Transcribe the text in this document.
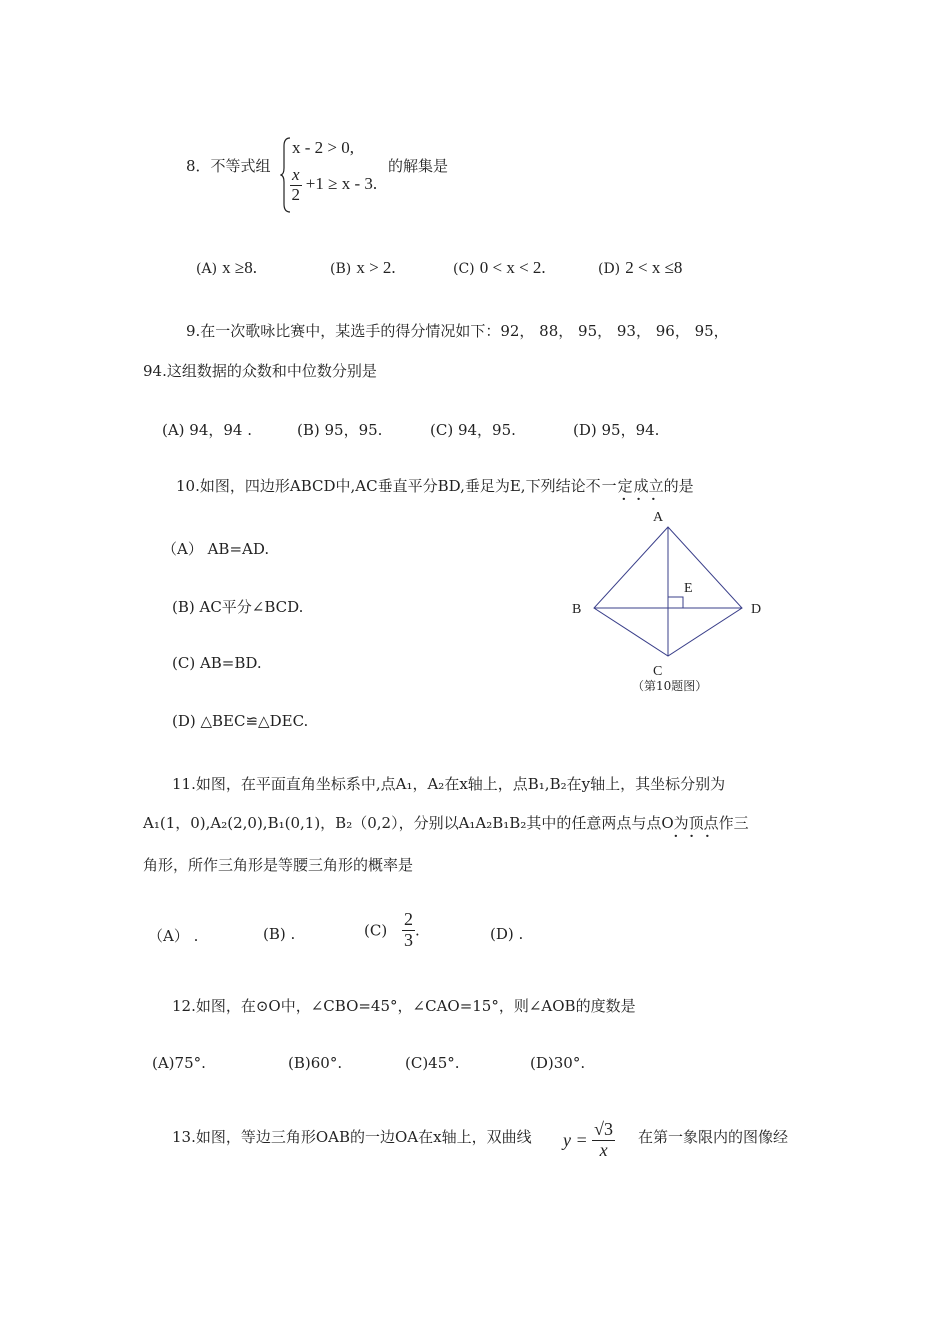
8．不等式组
x - 2 > 0,
$\frac{x}{2} +1 \ge x - 3$.
的解集是
(A) x ≥8.	(B) x > 2.	(C) 0 < x < 2.	(D) 2 < x ≤8
9.在一次歌咏比赛中，某选手的得分情况如下：92， 88， 95， 93， 96， 95，
94.这组数据的众数和中位数分别是
(A) 94，94 .	(B) 95，95.	(C) 94，95.	(D) 95，94.
10.如图，四边形ABCD中,AC垂直平分BD,垂足为E,下列结论不一定成立的是
···
（A） AB=AD.
(B) AC平分∠BCD.
(C) AB=BD.
(D) △BEC≌△DEC.
A
B
C
D
E
（第10题图）
11.如图，在平面直角坐标系中,点A₁，A₂在x轴上，点B₁,B₂在y轴上，其坐标分别为
A₁(1，0),A₂(2,0),B₁(0,1)，B₂（0,2），分别以A₁A₂B₁B₂其中的任意两点与点O为顶点作三
···
角形，所作三角形是等腰三角形的概率是
（A） .	(B) .	$(C) \frac{2}{3}$ .	(D) .
12.如图，在⊙O中，∠CBO=45°，∠CAO=15°，则∠AOB的度数是
(A)75°.	(B)60°.	(C)45°.	(D)30°.
13.如图，等边三角形OAB的一边OA在x轴上，双曲线 $y = \frac{√3}{x}$ 在第一象限内的图像经
